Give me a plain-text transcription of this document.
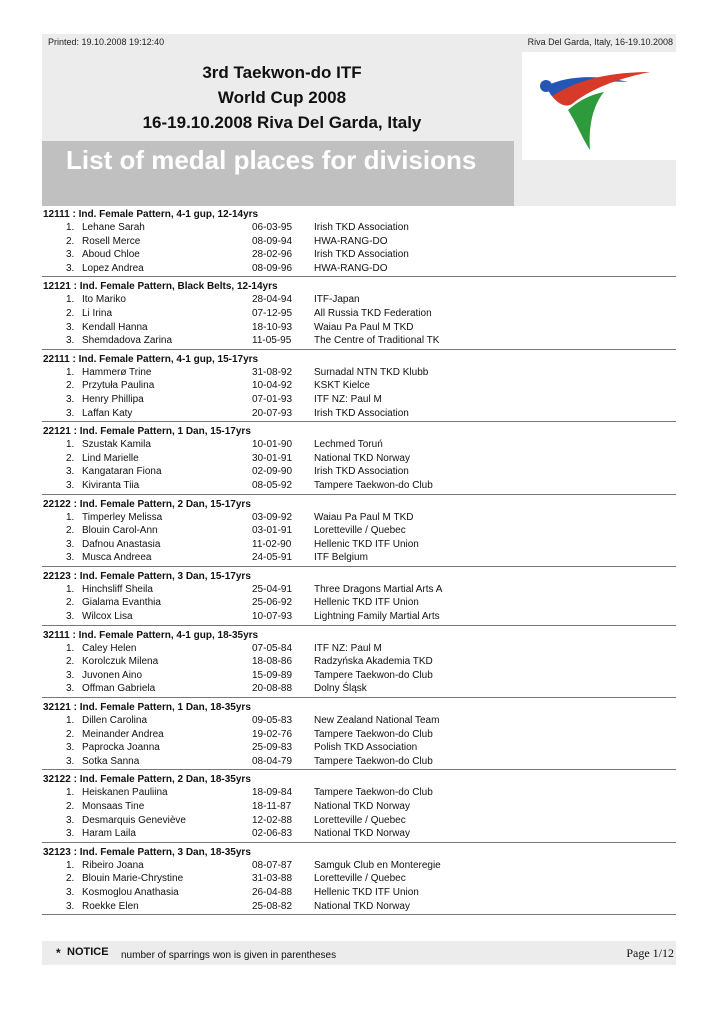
Printed: 19.10.2008 19:12:40	Riva Del Garda, Italy, 16-19.10.2008
3rd Taekwon-do ITF
World Cup 2008
16-19.10.2008 Riva Del Garda, Italy
List of medal places for divisions
12111 : Ind. Female Pattern, 4-1 gup, 12-14yrs
1. Lehane Sarah	06-03-95 Irish TKD Association
2. Rosell Merce	08-09-94 HWA-RANG-DO
3. Aboud Chloe	28-02-96 Irish TKD Association
3. Lopez Andrea	08-09-96 HWA-RANG-DO
12121 : Ind. Female Pattern, Black Belts, 12-14yrs
1. Ito Mariko	28-04-94 ITF-Japan
2. Li Irina	07-12-95 All Russia TKD Federation
3. Kendall Hanna	18-10-93 Waiau Pa Paul M TKD
3. Shemdadova Zarina	11-05-95 The Centre of Traditional TK
22111 : Ind. Female Pattern, 4-1 gup, 15-17yrs
1. Hammerø Trine	31-08-92 Surnadal NTN TKD Klubb
2. Przytuła Paulina	10-04-92 KSKT Kielce
3. Henry Phillipa	07-01-93 ITF NZ: Paul M
3. Laffan Katy	20-07-93 Irish TKD Association
22121 : Ind. Female Pattern, 1 Dan, 15-17yrs
1. Szustak Kamila	10-01-90 Lechmed Toruń
2. Lind Marielle	30-01-91 National TKD Norway
3. Kangataran Fiona	02-09-90 Irish TKD Association
3. Kiviranta Tiia	08-05-92 Tampere Taekwon-do Club
22122 : Ind. Female Pattern, 2 Dan, 15-17yrs
1. Timperley Melissa	03-09-92 Waiau Pa Paul M TKD
2. Blouin Carol-Ann	03-01-91 Loretteville / Quebec
3. Dafnou Anastasia	11-02-90 Hellenic TKD ITF Union
3. Musca Andreea	24-05-91 ITF Belgium
22123 : Ind. Female Pattern, 3 Dan, 15-17yrs
1. Hinchsliff Sheila	25-04-91 Three Dragons Martial Arts A
2. Gialama Evanthia	25-06-92 Hellenic TKD ITF Union
3. Wilcox Lisa	10-07-93 Lightning Family Martial Arts
32111 : Ind. Female Pattern, 4-1 gup, 18-35yrs
1. Caley Helen	07-05-84 ITF NZ: Paul M
2. Korolczuk Milena	18-08-86 Radzyńska Akademia TKD
3. Juvonen Aino	15-09-89 Tampere Taekwon-do Club
3. Offman Gabriela	20-08-88 Dolny Śląsk
32121 : Ind. Female Pattern, 1 Dan, 18-35yrs
1. Dillen Carolina	09-05-83 New Zealand National Team
2. Meinander Andrea	19-02-76 Tampere Taekwon-do Club
3. Paprocka Joanna	25-09-83 Polish TKD Association
3. Sotka Sanna	08-04-79 Tampere Taekwon-do Club
32122 : Ind. Female Pattern, 2 Dan, 18-35yrs
1. Heiskanen Pauliina	18-09-84 Tampere Taekwon-do Club
2. Monsaas Tine	18-11-87 National TKD Norway
3. Desmarquis Geneviève	12-02-88 Loretteville / Quebec
3. Haram Laila	02-06-83 National TKD Norway
32123 : Ind. Female Pattern, 3 Dan, 18-35yrs
1. Ribeiro Joana	08-07-87 Samguk Club en Monteregie
2. Blouin Marie-Chrystine	31-03-88 Loretteville / Quebec
3. Kosmoglou Anathasia	26-04-88 Hellenic TKD ITF Union
3. Roekke Elen	25-08-82 National TKD Norway
* NOTICE number of sparrings won is given in parentheses	Page 1/12
